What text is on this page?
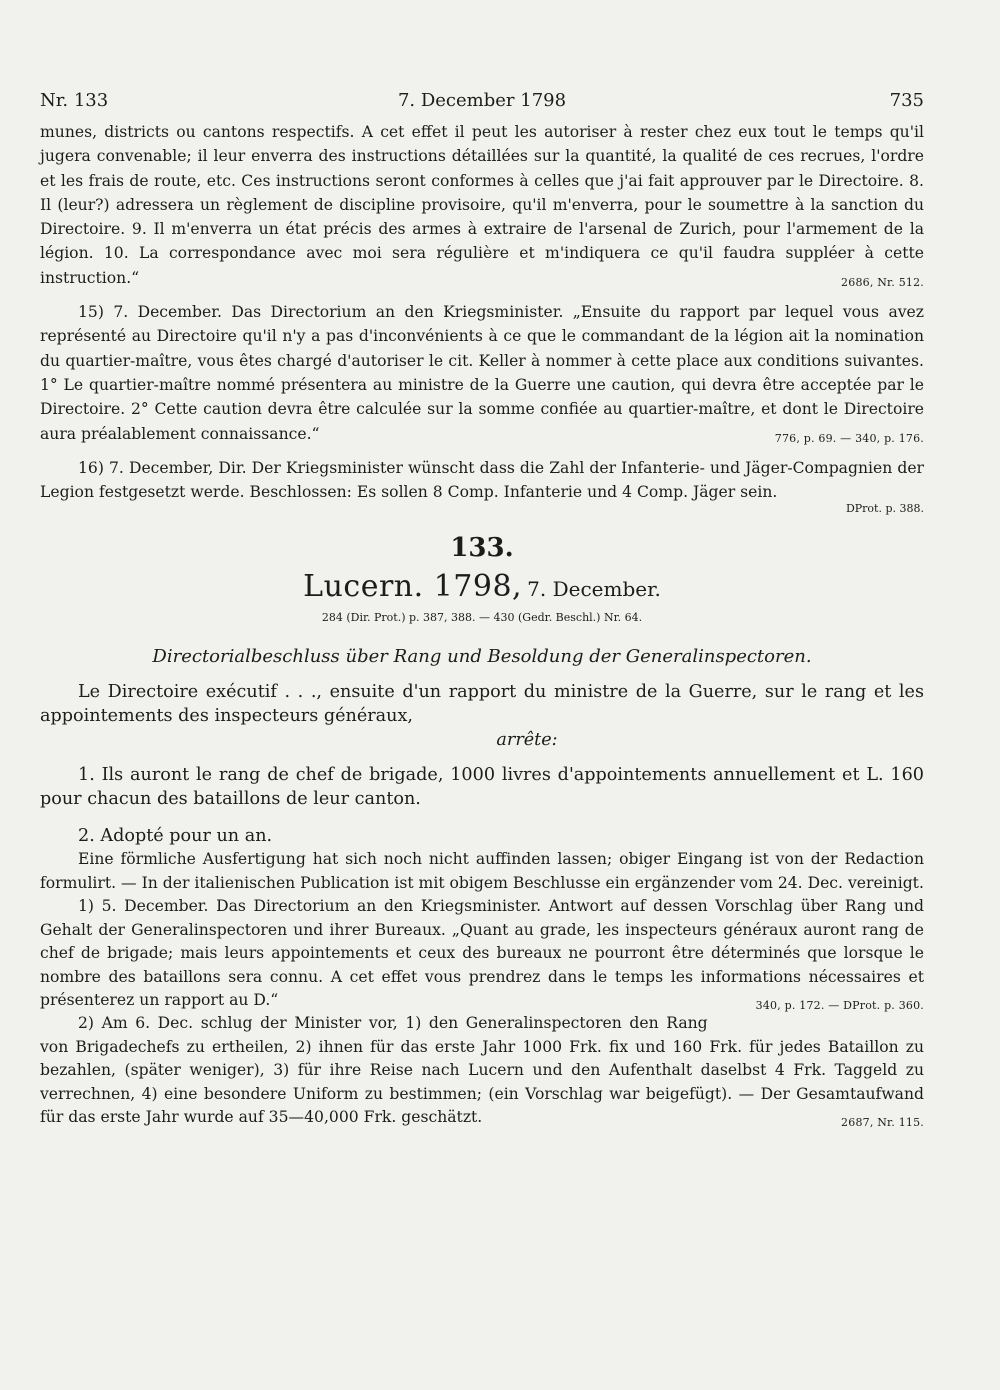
Nr. 133	7. December 1798	735

munes, districts ou cantons respectifs. A cet effet il peut les autoriser à rester chez eux tout le temps qu'il jugera convenable; il leur enverra des instructions détaillées sur la quantité, la qualité de ces recrues, l'ordre et les frais de route, etc. Ces instructions seront conformes à celles que j'ai fait approuver par le Directoire. 8. Il (leur?) adressera un règlement de discipline provisoire, qu'il m'enverra, pour le soumettre à la sanction du Directoire. 9. Il m'enverra un état précis des armes à extraire de l'arsenal de Zurich, pour l'armement de la légion. 10. La correspondance avec moi sera régulière et m'indiquera ce qu'il faudra suppléer à cette instruction.“	2686, Nr. 512.

15) 7. December. Das Directorium an den Kriegsminister. „Ensuite du rapport par lequel vous avez représenté au Directoire qu'il n'y a pas d'inconvénients à ce que le commandant de la légion ait la nomination du quartier-maître, vous êtes chargé d'autoriser le cit. Keller à nommer à cette place aux conditions suivantes. 1° Le quartier-maître nommé présentera au ministre de la Guerre une caution, qui devra être acceptée par le Directoire. 2° Cette caution devra être calculée sur la somme confiée au quartier-maître, et dont le Directoire aura préalablement connaissance.“	776, p. 69. — 340, p. 176.

16) 7. December, Dir. Der Kriegsminister wünscht dass die Zahl der Infanterie- und Jäger-Compagnien der Legion festgesetzt werde. Beschlossen: Es sollen 8 Comp. Infanterie und 4 Comp. Jäger sein.

DProt. p. 388.
133.
Lucern. 1798, 7. December.
284 (Dir. Prot.) p. 387, 388. — 430 (Gedr. Beschl.) Nr. 64.
Directorialbeschluss über Rang und Besoldung der Generalinspectoren.

Le Directoire exécutif . . ., ensuite d'un rapport du ministre de la Guerre, sur le rang et les appointements des inspecteurs généraux,

arrête:

1. Ils auront le rang de chef de brigade, 1000 livres d'appointements annuellement et L. 160 pour chacun des bataillons de leur canton.

2. Adopté pour un an.

Eine förmliche Ausfertigung hat sich noch nicht auffinden lassen; obiger Eingang ist von der Redaction formulirt. — In der italienischen Publication ist mit obigem Beschlusse ein ergänzender vom 24. Dec. vereinigt.

1) 5. December. Das Directorium an den Kriegsminister. Antwort auf dessen Vorschlag über Rang und Gehalt der Generalinspectoren und ihrer Bureaux. „Quant au grade, les inspecteurs généraux auront rang de chef de brigade; mais leurs appointements et ceux des bureaux ne pourront être déterminés que lorsque le nombre des bataillons sera connu. A cet effet vous prendrez dans le temps les informations nécessaires et présenterez un rapport au D.“	340, p. 172. — DProt. p. 360.

2) Am 6. Dec. schlug der Minister vor, 1) den Generalinspectoren den Rang von Brigadechefs zu ertheilen, 2) ihnen für das erste Jahr 1000 Frk. fix und 160 Frk. für jedes Bataillon zu bezahlen, (später weniger), 3) für ihre Reise nach Lucern und den Aufenthalt daselbst 4 Frk. Taggeld zu verrechnen, 4) eine besondere Uniform zu bestimmen; (ein Vorschlag war beigefügt). — Der Gesamtaufwand für das erste Jahr wurde auf 35—40,000 Frk. geschätzt.	2687, Nr. 115.
